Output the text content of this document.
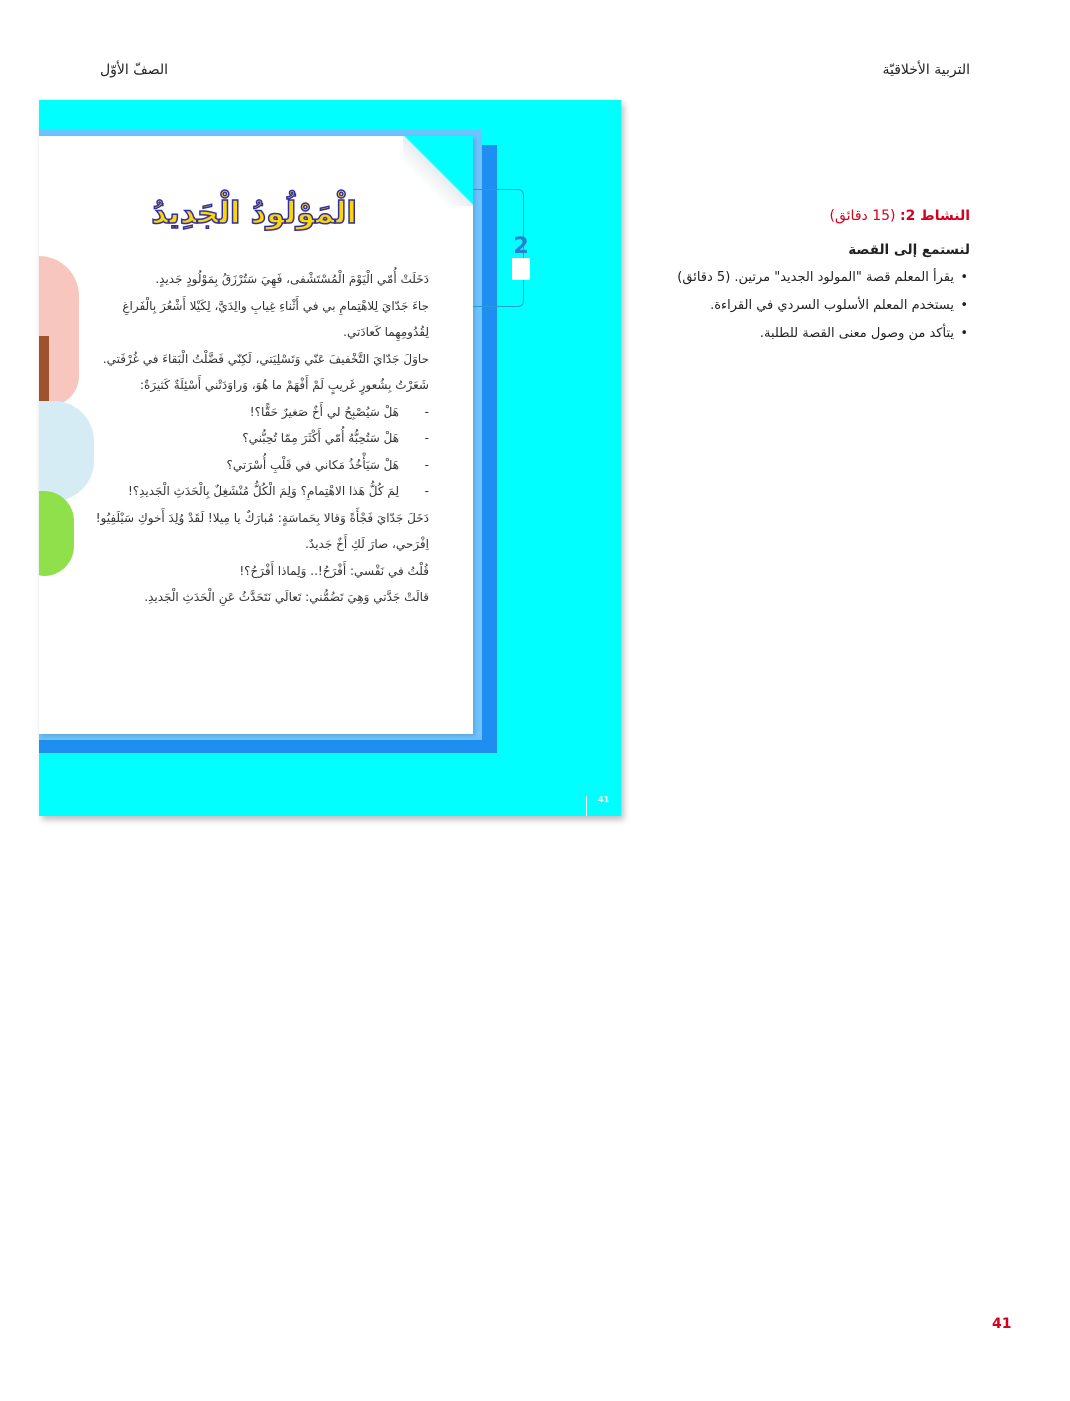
التربية الأخلاقيّة
الصفّ الأوّل
الْمَوْلُودُ الْجَدِيدُ
دَخَلَتْ أُمّي الْيَوْمَ الْمُسْتَشْفى، فَهِيَ سَتُرْزَقُ بِمَوْلُودٍ جَديدٍ.
جاءَ جَدّايَ لِلاهْتِمامِ بي في أَثْناءِ غِيابِ والِدَيَّ، لِكَيْلا أَشْعُرَ بِالْفَراغِ
لِقُدُومِهِما كَعادَتي.
حاوَلَ جَدّايَ التَّخْفيفَ عَنّي وَتَسْلِيَتي، لَكِنّي فَضَّلْتُ الْبَقاءَ في غُرْفَتي.
شَعَرْتُ بِشُعورٍ غَريبٍ لَمْ أَفْهَمْ ما هُوَ، وَراوَدَتْني أَسْئِلَةٌ كَثيرَةٌ:
- هَلْ سَيُصْبِحُ لي أَخٌ صَغيرٌ حَقًّا؟!
- هَلْ سَتُحِبُّهُ أُمّي أَكْثَرَ مِمّا تُحِبُّني؟
- هَلْ سَيَأْخُذُ مَكاني في قَلْبِ أُسْرَتي؟
- لِمَ كُلُّ هَذا الاهْتِمامِ؟ وَلِمَ الْكُلُّ مُنْشَغِلٌ بِالْحَدَثِ الْجَديدِ؟!
دَخَلَ جَدّايَ فَجْأَةً وَقالا بِحَماسَةٍ: مُبارَكٌ يا مِيلا! لَقَدْ وُلِدَ أَخوكِ سَيْلَفِيُو!
اِفْرَحي، صارَ لَكِ أَخٌ جَديدٌ.
قُلْتُ في نَفْسي: أَفْرَحُ!.. وَلِماذا أَفْرَحُ؟!
قالَتْ جَدَّتي وَهِيَ تَضُمُّني: تَعالَي نَتَحَدَّثُ عَنِ الْحَدَثِ الْجَديدِ.
2
41
النشاط 2: (15 دقائق)
لنستمع إلى القصة
• يقرأ المعلم قصة "المولود الجديد" مرتين. (5 دقائق)
• يستخدم المعلم الأسلوب السردي في القراءة.
• يتأكد من وصول معنى القصة للطلبة.
41
